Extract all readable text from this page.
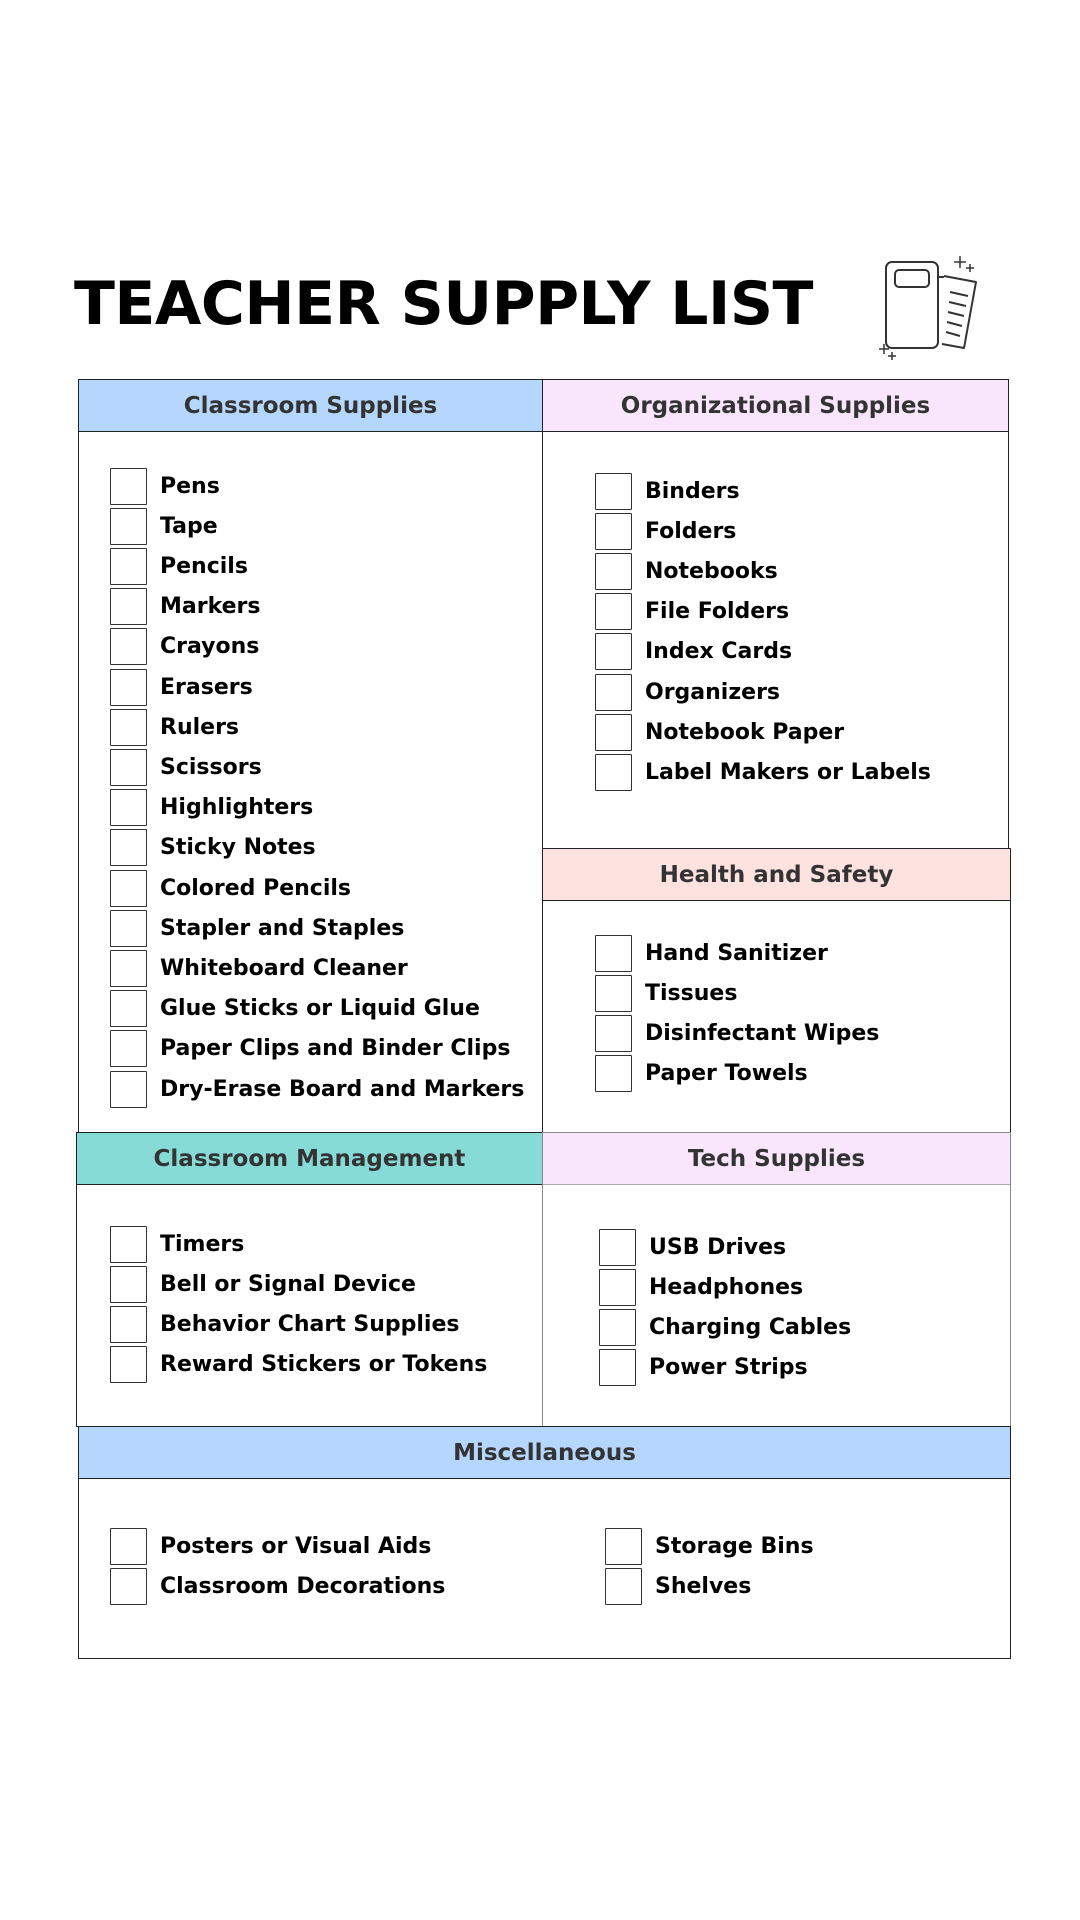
TEACHER SUPPLY LIST
Classroom Supplies
Pens
Tape
Pencils
Markers
Crayons
Erasers
Rulers
Scissors
Highlighters
Sticky Notes
Colored Pencils
Stapler and Staples
Whiteboard Cleaner
Glue Sticks or Liquid Glue
Paper Clips and Binder Clips
Dry-Erase Board and Markers
Organizational Supplies
Binders
Folders
Notebooks
File Folders
Index Cards
Organizers
Notebook Paper
Label Makers or Labels
Health and Safety
Hand Sanitizer
Tissues
Disinfectant Wipes
Paper Towels
Classroom Management
Timers
Bell or Signal Device
Behavior Chart Supplies
Reward Stickers or Tokens
Tech Supplies
USB Drives
Headphones
Charging Cables
Power Strips
Miscellaneous
Posters or Visual Aids
Classroom Decorations
Storage Bins
Shelves
